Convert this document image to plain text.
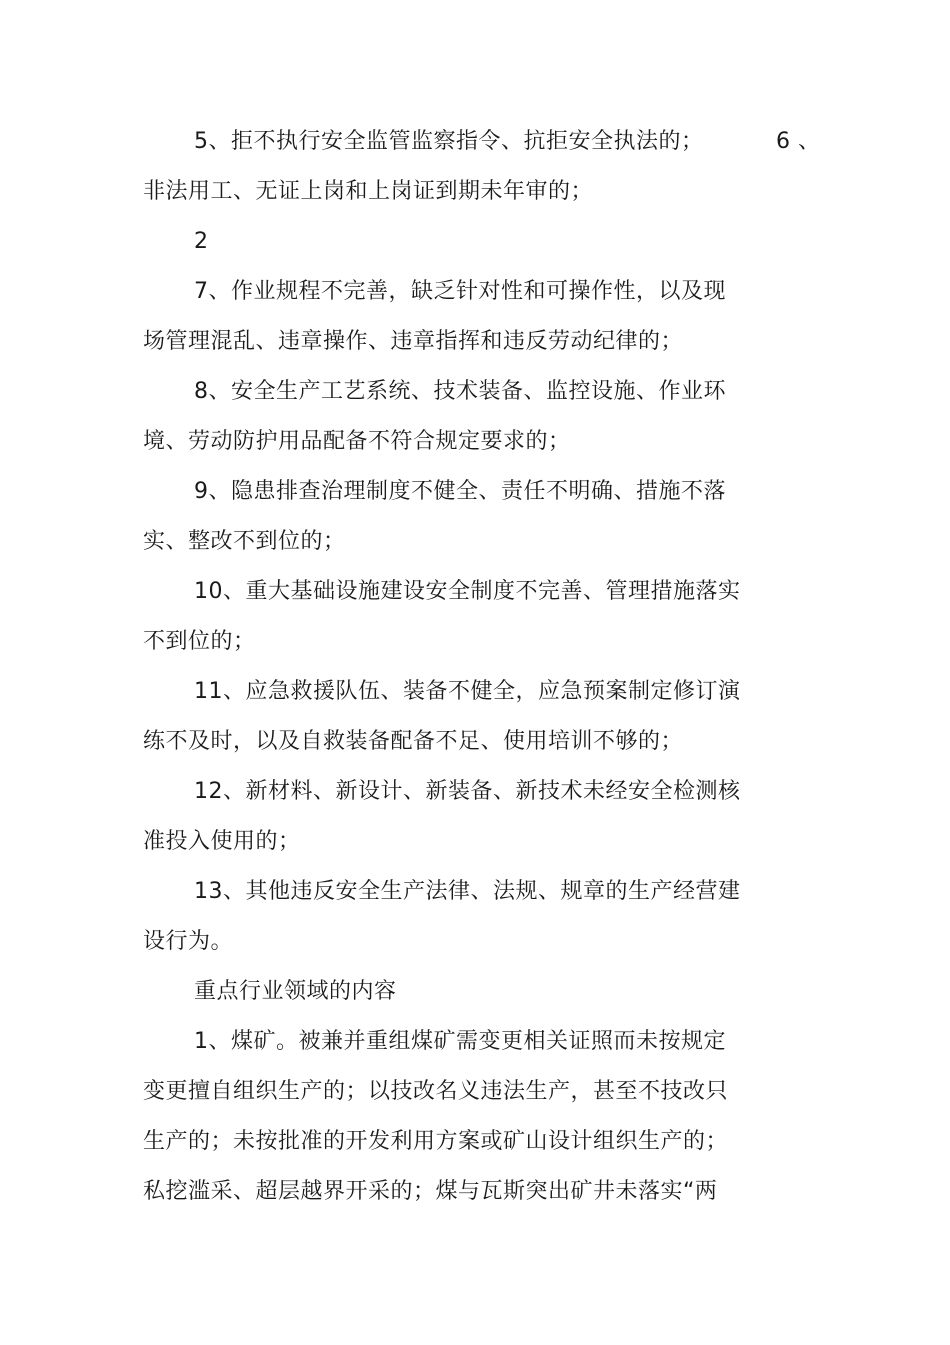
5、拒不执行安全监管监察指令、抗拒安全执法的；	6 、
非法用工、无证上岗和上岗证到期未年审的；
2
7、作业规程不完善，缺乏针对性和可操作性，以及现
场管理混乱、违章操作、违章指挥和违反劳动纪律的；
8、安全生产工艺系统、技术装备、监控设施、作业环
境、劳动防护用品配备不符合规定要求的；
9、隐患排查治理制度不健全、责任不明确、措施不落
实、整改不到位的；
10、重大基础设施建设安全制度不完善、管理措施落实
不到位的；
11、应急救援队伍、装备不健全，应急预案制定修订演
练不及时，以及自救装备配备不足、使用培训不够的；
12、新材料、新设计、新装备、新技术未经安全检测核
准投入使用的；
13、其他违反安全生产法律、法规、规章的生产经营建
设行为。
重点行业领域的内容
1、煤矿。被兼并重组煤矿需变更相关证照而未按规定
变更擅自组织生产的；以技改名义违法生产，甚至不技改只
生产的；未按批准的开发利用方案或矿山设计组织生产的；
私挖滥采、超层越界开采的；煤与瓦斯突出矿井未落实“两
